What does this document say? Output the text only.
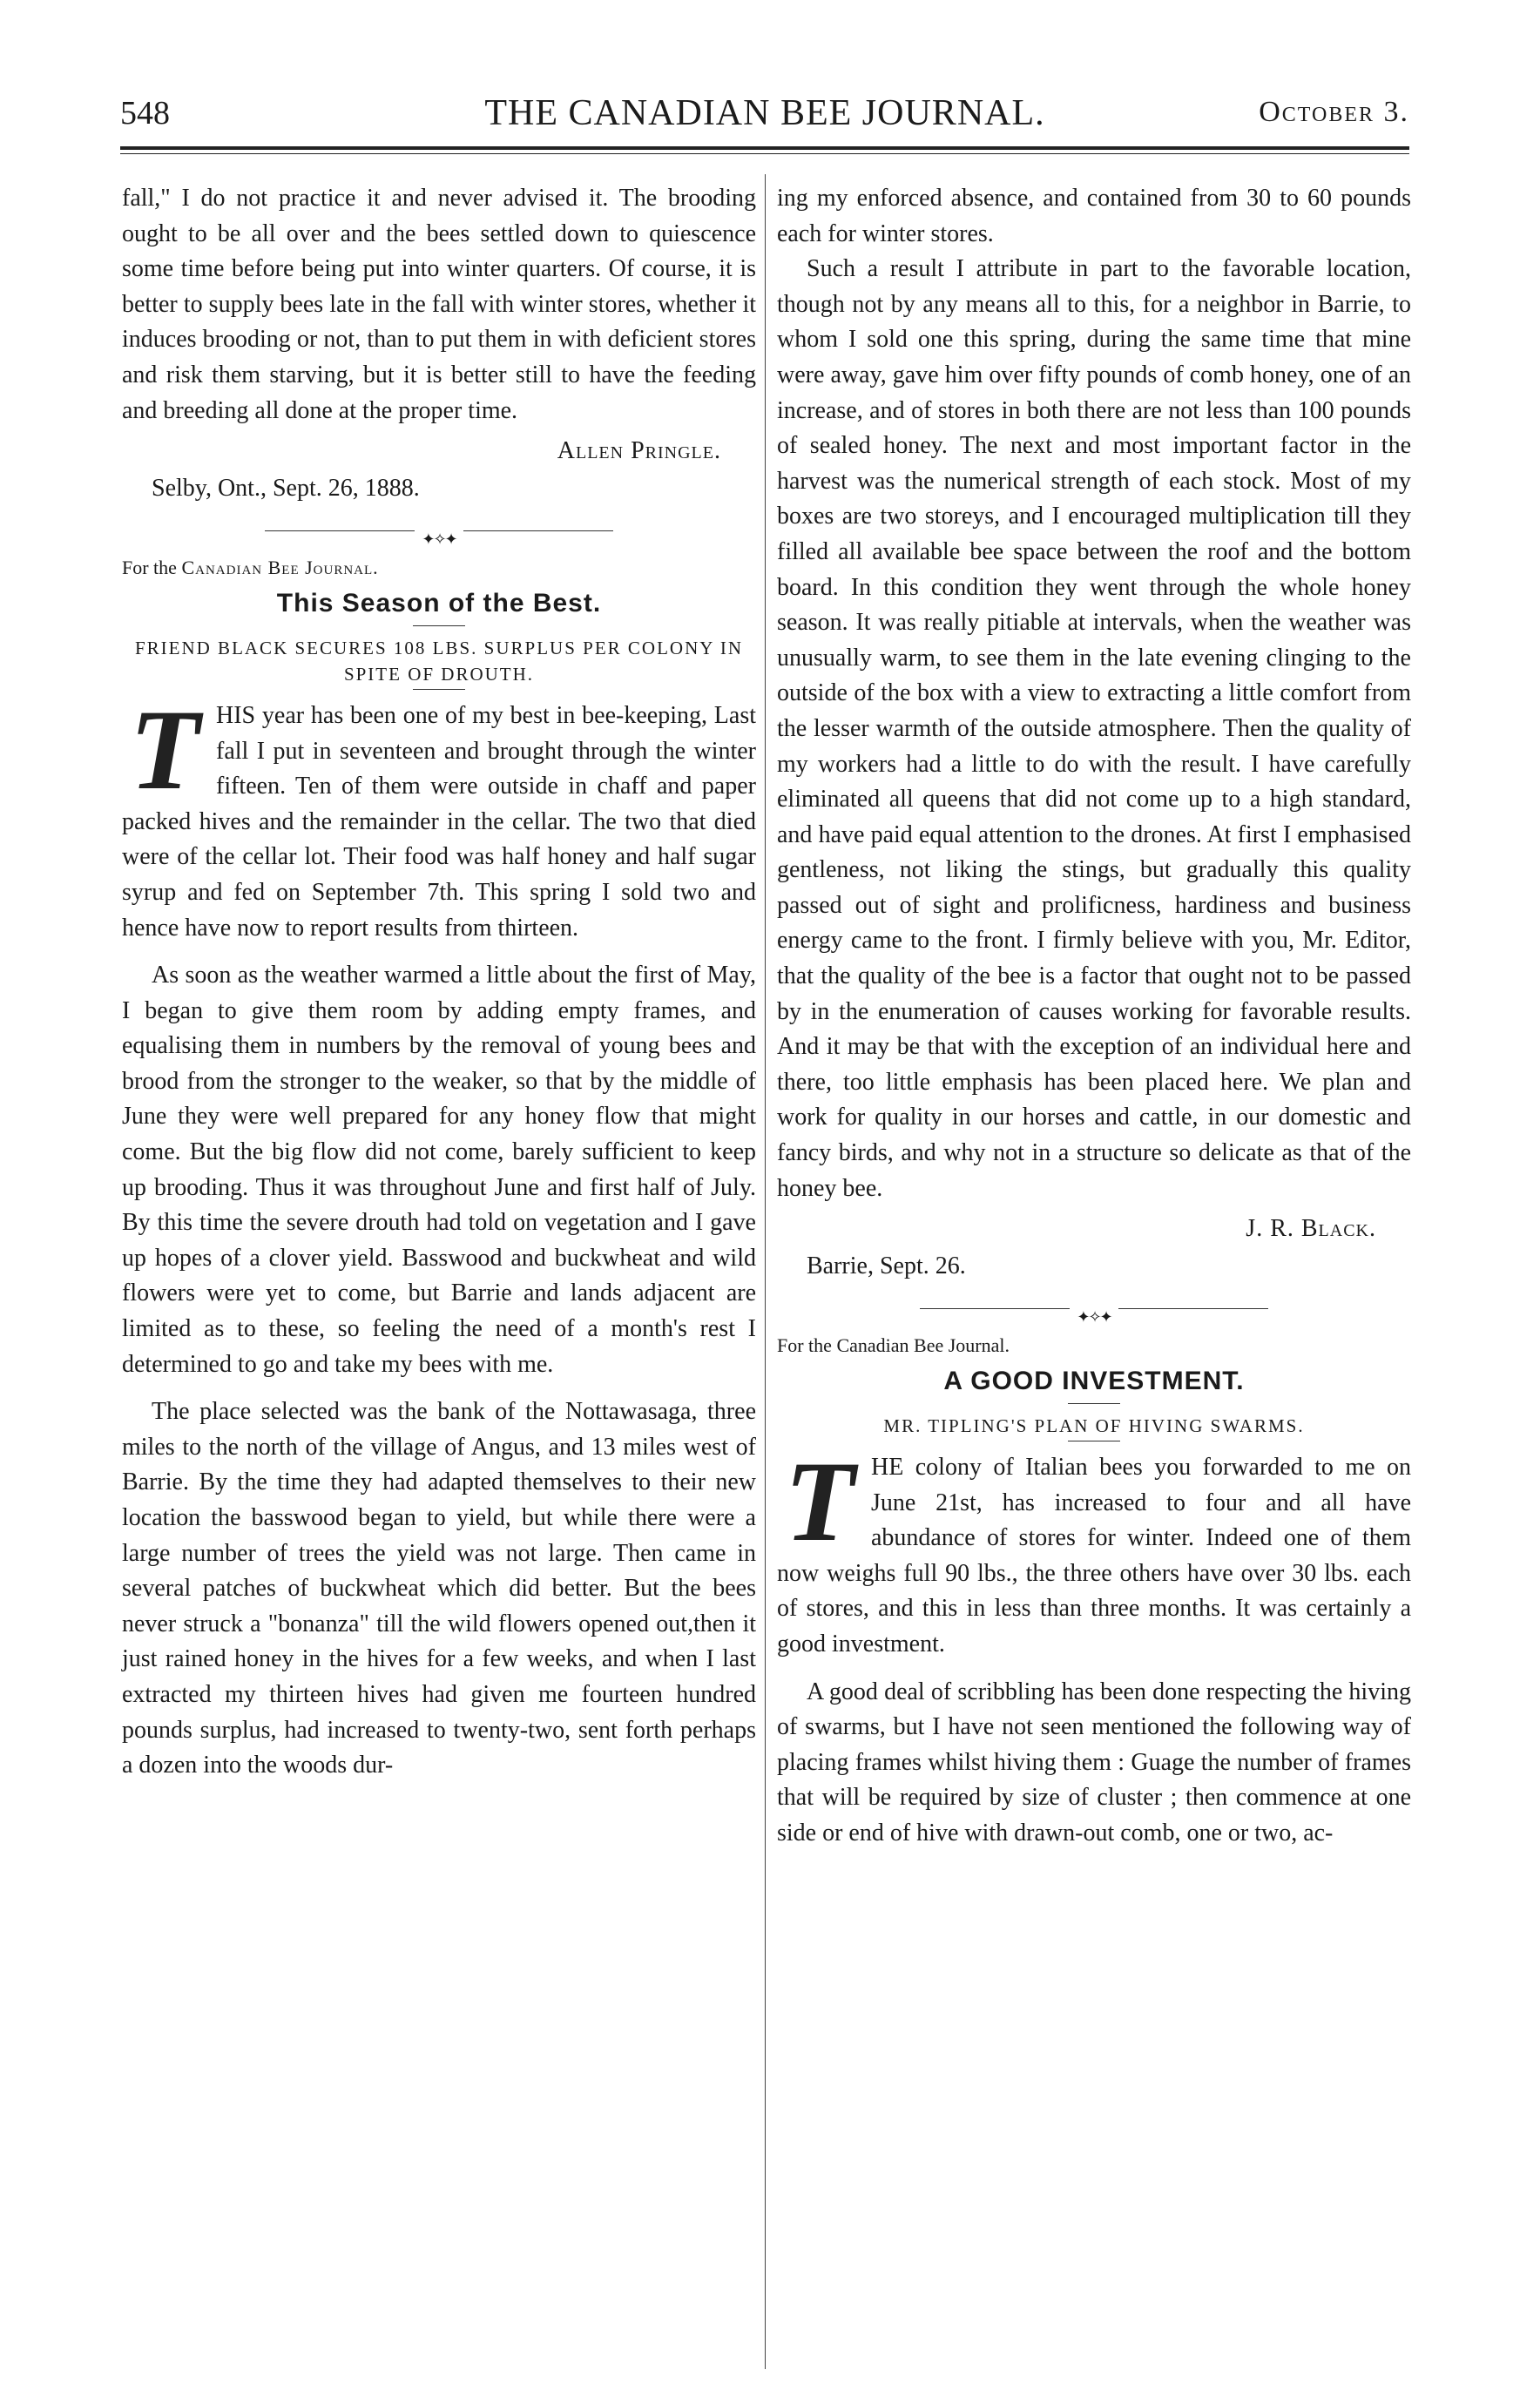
548	THE CANADIAN BEE JOURNAL.	October 3.

fall," I do not practice it and never advised it. The brooding ought to be all over and the bees settled down to quiescence some time before being put into winter quarters. Of course, it is better to supply bees late in the fall with winter stores, whether it induces brooding or not, than to put them in with deficient stores and risk them starving, but it is better still to have the feeding and breeding all done at the proper time.

Allen Pringle.

Selby, Ont., Sept. 26, 1888.

✦✧✦

For the Canadian Bee Journal.

This Season of the Best.
FRIEND BLACK SECURES 108 LBS. SURPLUS PER COLONY IN SPITE OF DROUTH.

THIS year has been one of my best in bee-keeping, Last fall I put in seventeen and brought through the winter fifteen. Ten of them were outside in chaff and paper packed hives and the remainder in the cellar. The two that died were of the cellar lot. Their food was half honey and half sugar syrup and fed on September 7th. This spring I sold two and hence have now to report results from thirteen.

As soon as the weather warmed a little about the first of May, I began to give them room by adding empty frames, and equalising them in numbers by the removal of young bees and brood from the stronger to the weaker, so that by the middle of June they were well prepared for any honey flow that might come. But the big flow did not come, barely sufficient to keep up brooding. Thus it was throughout June and first half of July. By this time the severe drouth had told on vegetation and I gave up hopes of a clover yield. Basswood and buckwheat and wild flowers were yet to come, but Barrie and lands adjacent are limited as to these, so feeling the need of a month's rest I determined to go and take my bees with me.

The place selected was the bank of the Nottawasaga, three miles to the north of the village of Angus, and 13 miles west of Barrie. By the time they had adapted themselves to their new location the basswood began to yield, but while there were a large number of trees the yield was not large. Then came in several patches of buckwheat which did better. But the bees never struck a "bonanza" till the wild flowers opened out,then it just rained honey in the hives for a few weeks, and when I last extracted my thirteen hives had given me fourteen hundred pounds surplus, had increased to twenty-two, sent forth perhaps a dozen into the woods dur-

ing my enforced absence, and contained from 30 to 60 pounds each for winter stores.

Such a result I attribute in part to the favorable location, though not by any means all to this, for a neighbor in Barrie, to whom I sold one this spring, during the same time that mine were away, gave him over fifty pounds of comb honey, one of an increase, and of stores in both there are not less than 100 pounds of sealed honey. The next and most important factor in the harvest was the numerical strength of each stock. Most of my boxes are two storeys, and I encouraged multiplication till they filled all available bee space between the roof and the bottom board. In this condition they went through the whole honey season. It was really pitiable at intervals, when the weather was unusually warm, to see them in the late evening clinging to the outside of the box with a view to extracting a little comfort from the lesser warmth of the outside atmosphere. Then the quality of my workers had a little to do with the result. I have carefully eliminated all queens that did not come up to a high standard, and have paid equal attention to the drones. At first I emphasised gentleness, not liking the stings, but gradually this quality passed out of sight and prolificness, hardiness and business energy came to the front. I firmly believe with you, Mr. Editor, that the quality of the bee is a factor that ought not to be passed by in the enumeration of causes working for favorable results. And it may be that with the exception of an individual here and there, too little emphasis has been placed here. We plan and work for quality in our horses and cattle, in our domestic and fancy birds, and why not in a structure so delicate as that of the honey bee.

J. R. Black.

Barrie, Sept. 26.

✦✧✦

For the Canadian Bee Journal.

A GOOD INVESTMENT.
MR. TIPLING'S PLAN OF HIVING SWARMS.

THE colony of Italian bees you forwarded to me on June 21st, has increased to four and all have abundance of stores for winter. Indeed one of them now weighs full 90 lbs., the three others have over 30 lbs. each of stores, and this in less than three months. It was certainly a good investment.

A good deal of scribbling has been done respecting the hiving of swarms, but I have not seen mentioned the following way of placing frames whilst hiving them : Guage the number of frames that will be required by size of cluster ; then commence at one side or end of hive with drawn-out comb, one or two, ac-
